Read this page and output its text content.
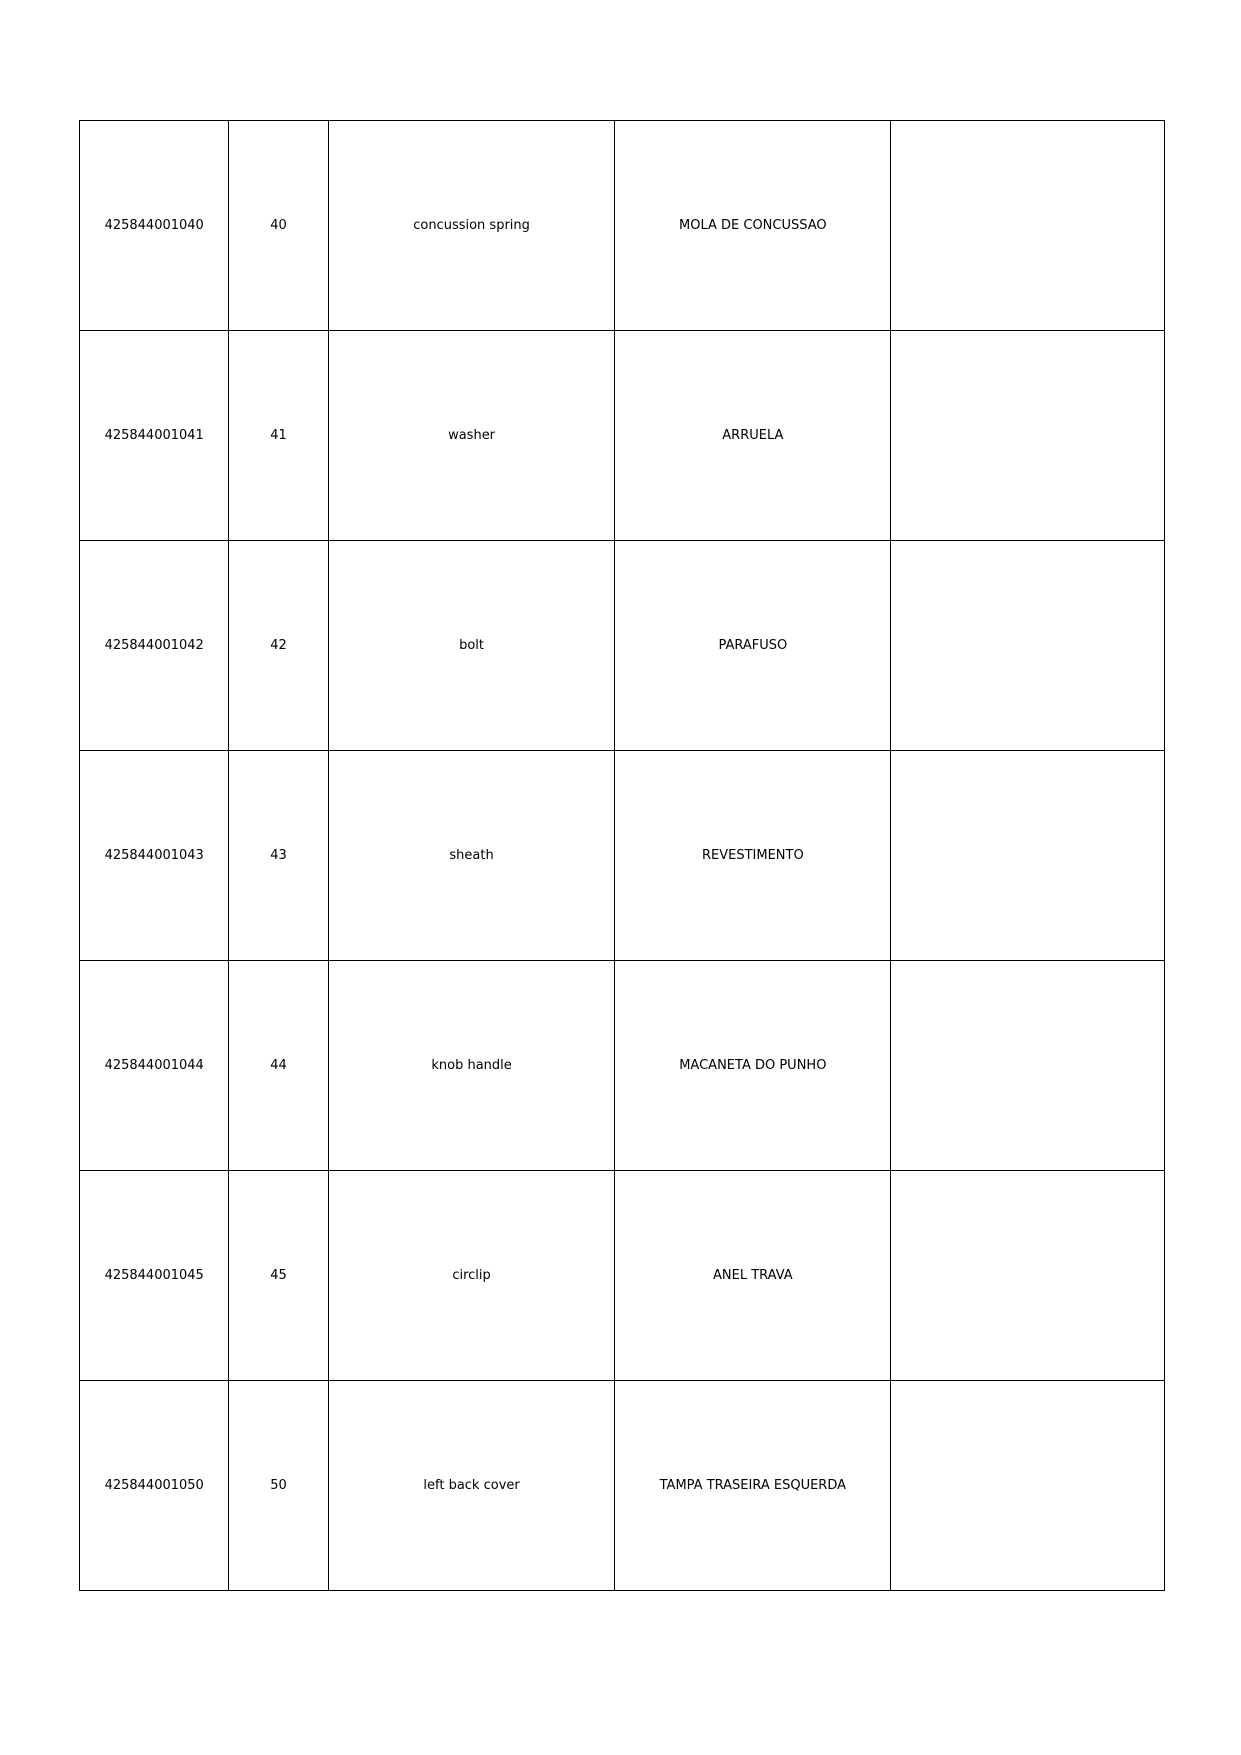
425844001040	40	concussion spring	MOLA DE CONCUSSAO	
425844001041	41	washer	ARRUELA	
425844001042	42	bolt	PARAFUSO	
425844001043	43	sheath	REVESTIMENTO	
425844001044	44	knob handle	MACANETA DO PUNHO	
425844001045	45	circlip	ANEL TRAVA	
425844001050	50	left back cover	TAMPA TRASEIRA ESQUERDA	
